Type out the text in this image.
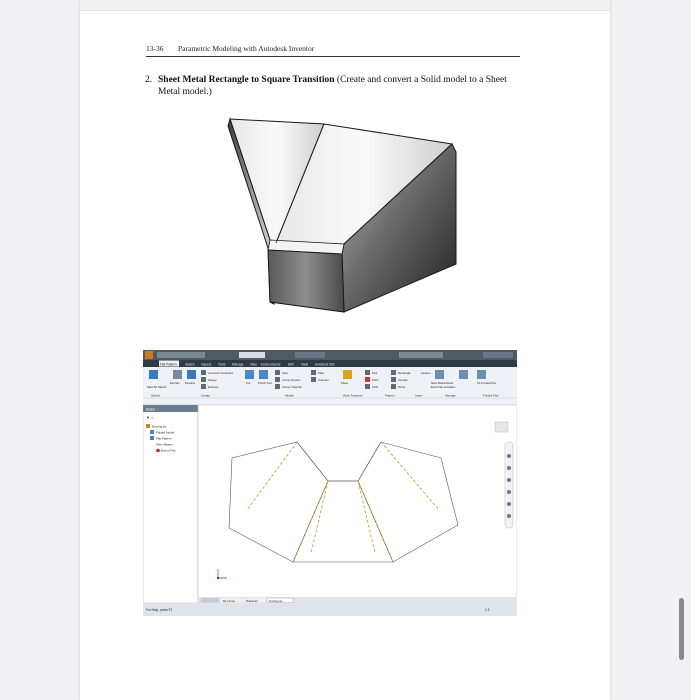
13-36 Parametric Modeling with Autodesk Inventor
2. Sheet Metal Rectangle to Square Transition (Create and convert a Solid model to a Sheet Metal model.)
Flat Pattern	Sketch Inspect Tools Manage View Environments BIM Vault Autodesk 360
Start 2D Sketch
Extrude Revolve
Cosmetic Centerline
Sweep
Emboss
Cut	Punch Tool
Corner Round
Corner Chamfer
Hole	Fillet
Chamfer
Plane
Axis
Point
UCS
Rectangle
Circular
Mirror
Feature
Sheet Metal Defaults
Bend Order Annotation
Go to Folded Part
Sketch	Create	Modify	Work Features	Pattern	Insert	Manage	Folded Part
Model
▼ ⌂
Ducting.ipt
Folded Model
Flat Pattern
Shim Master
End of Flat
My Home	Rolled.ipt	Ducting.ipt
For Help, press F1	1 2
